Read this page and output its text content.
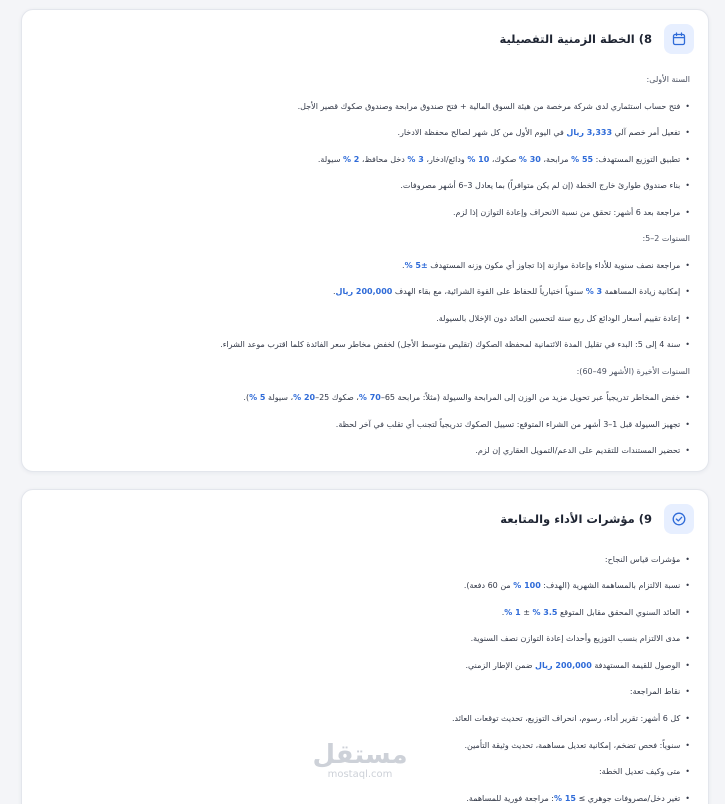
8) الخطة الزمنية التفصيلية
السنة الأولى:
• فتح حساب استثماري لدى شركة مرخصة من هيئة السوق المالية + فتح صندوق مرابحة وصندوق صكوك قصير الأجل.
• تفعيل أمر خصم آلي 3,333 ريال في اليوم الأول من كل شهر لصالح محفظة الادخار.
• تطبيق التوزيع المستهدف: 55 % مرابحة، 30 % صكوك، 10 % ودائع/ادخار، 3 % دخل محافظ، 2 % سيولة.
• بناء صندوق طوارئ خارج الخطة (إن لم يكن متوافراً) بما يعادل 3–6 أشهر مصروفات.
• مراجعة بعد 6 أشهر: تحقق من نسبة الانحراف وإعادة التوازن إذا لزم.
السنوات 2–5:
• مراجعة نصف سنوية للأداء وإعادة موازنة إذا تجاوز أي مكون وزنه المستهدف ±5 %.
• إمكانية زيادة المساهمة 3 % سنوياً اختيارياً للحفاظ على القوة الشرائية، مع بقاء الهدف 200,000 ريال.
• إعادة تقييم أسعار الودائع كل ربع سنة لتحسين العائد دون الإخلال بالسيولة.
• سنة 4 إلى 5: البدء في تقليل المدة الائتمانية لمحفظة الصكوك (تقليص متوسط الأجل) لخفض مخاطر سعر الفائدة كلما اقترب موعد الشراء.
السنوات الأخيرة (الأشهر 49–60):
• خفض المخاطر تدريجياً عبر تحويل مزيد من الوزن إلى المرابحة والسيولة (مثلاً: مرابحة 65–70 %، صكوك 25–20 %، سيولة 5 %).
• تجهيز السيولة قبل 1–3 أشهر من الشراء المتوقع: تسييل الصكوك تدريجياً لتجنب أي تقلب في آخر لحظة.
• تحضير المستندات للتقديم على الدعم/التمويل العقاري إن لزم.
9) مؤشرات الأداء والمتابعة
• مؤشرات قياس النجاح:
• نسبة الالتزام بالمساهمة الشهرية (الهدف: 100 % من 60 دفعة).
• العائد السنوي المحقق مقابل المتوقع 3.5 % ± 1 %.
• مدى الالتزام بنسب التوزيع وأحداث إعادة التوازن نصف السنوية.
• الوصول للقيمة المستهدفة 200,000 ريال ضمن الإطار الزمني.
• نقاط المراجعة:
• كل 6 أشهر: تقرير أداء، رسوم، انحراف التوزيع، تحديث توقعات العائد.
• سنوياً: فحص تضخم، إمكانية تعديل مساهمة، تحديث وثيقة التأمين.
• متى وكيف تعديل الخطة:
• تغير دخل/مصروفات جوهري ≥ 15 %: مراجعة فورية للمساهمة.
مستقل
mostaql.com
